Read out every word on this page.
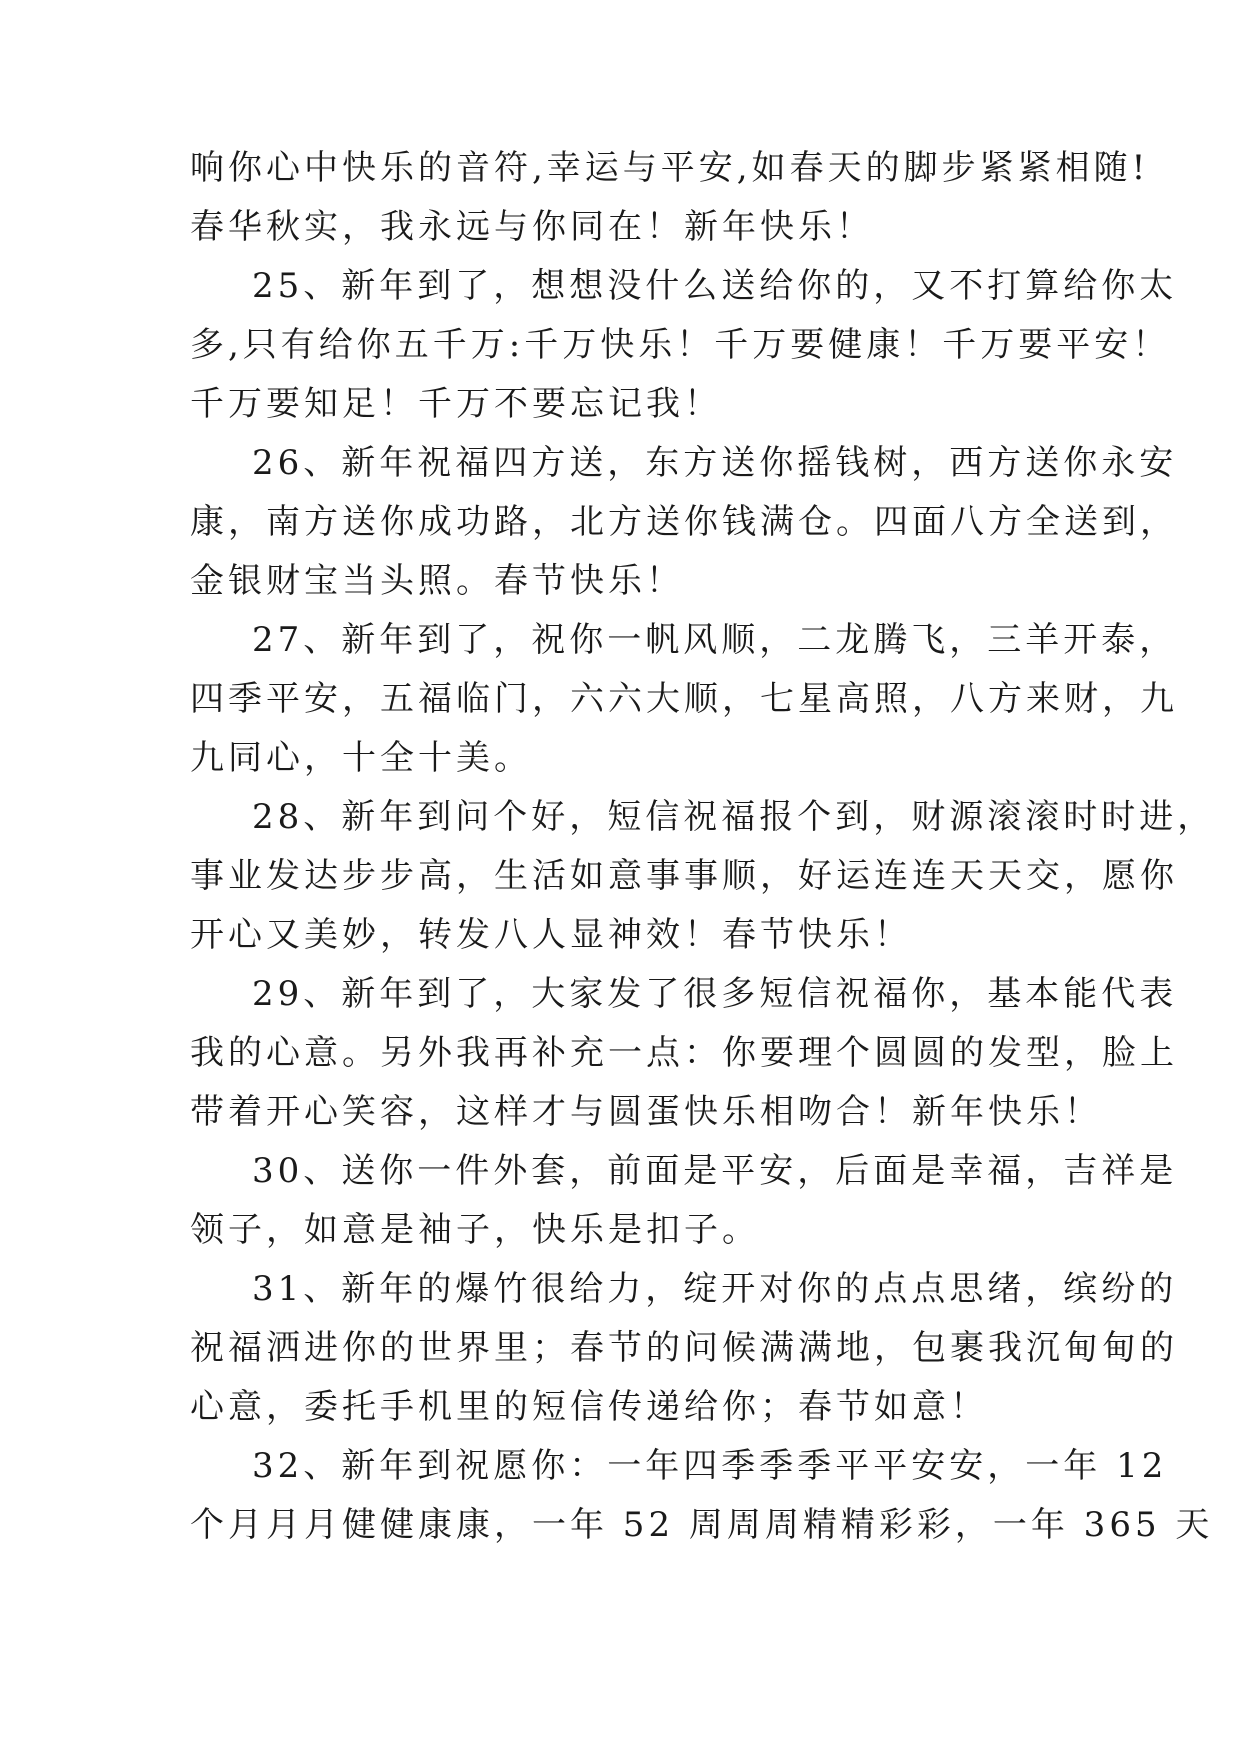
响你心中快乐的音符,幸运与平安,如春天的脚步紧紧相随!
春华秋实，我永远与你同在！新年快乐！
25、新年到了，想想没什么送给你的，又不打算给你太
多,只有给你五千万:千万快乐！千万要健康！千万要平安！
千万要知足！千万不要忘记我！
26、新年祝福四方送，东方送你摇钱树，西方送你永安
康，南方送你成功路，北方送你钱满仓。四面八方全送到，
金银财宝当头照。春节快乐！
27、新年到了，祝你一帆风顺，二龙腾飞，三羊开泰，
四季平安，五福临门，六六大顺，七星高照，八方来财，九
九同心，十全十美。
28、新年到问个好，短信祝福报个到，财源滚滚时时进，
事业发达步步高，生活如意事事顺，好运连连天天交，愿你
开心又美妙，转发八人显神效！春节快乐！
29、新年到了，大家发了很多短信祝福你，基本能代表
我的心意。另外我再补充一点：你要理个圆圆的发型，脸上
带着开心笑容，这样才与圆蛋快乐相吻合！新年快乐！
30、送你一件外套，前面是平安，后面是幸福，吉祥是
领子，如意是袖子，快乐是扣子。
31、新年的爆竹很给力，绽开对你的点点思绪，缤纷的
祝福洒进你的世界里；春节的问候满满地，包裹我沉甸甸的
心意，委托手机里的短信传递给你；春节如意！
32、新年到祝愿你：一年四季季季平平安安，一年 12
个月月月健健康康，一年 52 周周周精精彩彩，一年 365 天
